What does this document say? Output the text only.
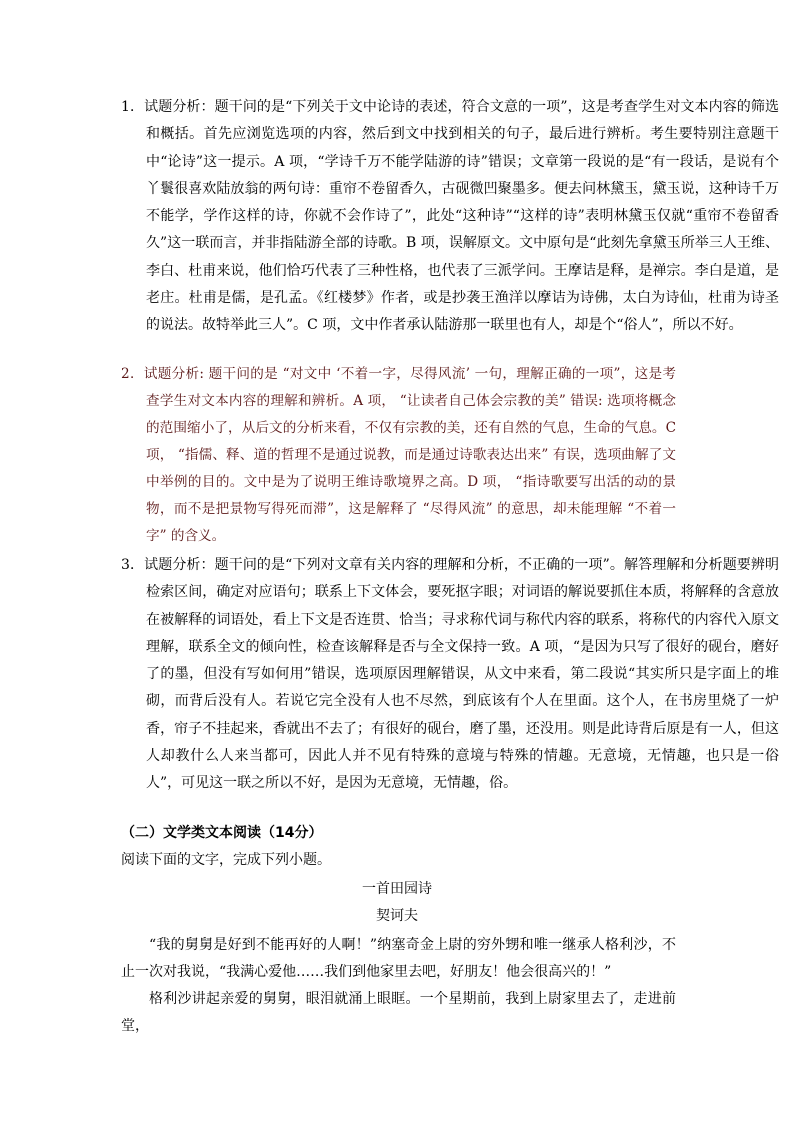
1．试题分析：题干问的是“下列关于文中论诗的表述，符合文意的一项”，这是考查学生对文本内容的筛选和概括。首先应浏览选项的内容，然后到文中找到相关的句子，最后进行辨析。考生要特别注意题干中“论诗”这一提示。A 项，“学诗千万不能学陆游的诗”错误；文章第一段说的是“有一段话，是说有个丫鬟很喜欢陆放翁的两句诗：重帘不卷留香久，古砚微凹聚墨多。便去问林黛玉，黛玉说，这种诗千万不能学，学作这样的诗，你就不会作诗了”，此处“这种诗”“这样的诗”表明林黛玉仅就“重帘不卷留香久”这一联而言，并非指陆游全部的诗歌。B 项，误解原文。文中原句是“此刻先拿黛玉所举三人王维、李白、杜甫来说，他们恰巧代表了三种性格，也代表了三派学问。王摩诘是释，是禅宗。李白是道，是老庄。杜甫是儒，是孔孟。《红楼梦》作者，或是抄袭王渔洋以摩诘为诗佛，太白为诗仙，杜甫为诗圣的说法。故特举此三人”。C 项，文中作者承认陆游那一联里也有人，却是个“俗人”，所以不好。

2．试题分析: 题干问的是 “对文中 ‘不着一字，尽得风流’ 一句，理解正确的一项”，这是考查学生对文本内容的理解和辨析。A 项， “让读者自己体会宗教的美” 错误: 选项将概念的范围缩小了，从后文的分析来看，不仅有宗教的美，还有自然的气息，生命的气息。C 项， “指儒、释、道的哲理不是通过说教，而是通过诗歌表达出来” 有误，选项曲解了文中举例的目的。文中是为了说明王维诗歌境界之高。D 项， “指诗歌要写出活的动的景物，而不是把景物写得死而滞”，这是解释了 “尽得风流” 的意思，却未能理解 “不着一字” 的含义。

3．试题分析：题干问的是“下列对文章有关内容的理解和分析，不正确的一项”。解答理解和分析题要辨明检索区间，确定对应语句；联系上下文体会，要死抠字眼；对词语的解说要抓住本质，将解释的含意放在被解释的词语处，看上下文是否连贯、恰当；寻求称代词与称代内容的联系，将称代的内容代入原文理解，联系全文的倾向性，检查该解释是否与全文保持一致。A 项，“是因为只写了很好的砚台，磨好了的墨，但没有写如何用”错误，选项原因理解错误，从文中来看，第二段说“其实所只是字面上的堆砌，而背后没有人。若说它完全没有人也不尽然，到底该有个人在里面。这个人，在书房里烧了一炉香，帘子不挂起来，香就出不去了；有很好的砚台，磨了墨，还没用。则是此诗背后原是有一人，但这人却教什么人来当都可，因此人并不见有特殊的意境与特殊的情趣。无意境，无情趣，也只是一俗人”，可见这一联之所以不好，是因为无意境，无情趣，俗。

（二）文学类文本阅读（14分）
阅读下面的文字，完成下列小题。
一首田园诗
契诃夫

“我的舅舅是好到不能再好的人啊！”纳塞奇金上尉的穷外甥和唯一继承人格利沙，不止一次对我说，“我满心爱他……我们到他家里去吧，好朋友！他会很高兴的！”

格利沙讲起亲爱的舅舅，眼泪就涌上眼眶。一个星期前，我到上尉家里去了，走进前堂，
